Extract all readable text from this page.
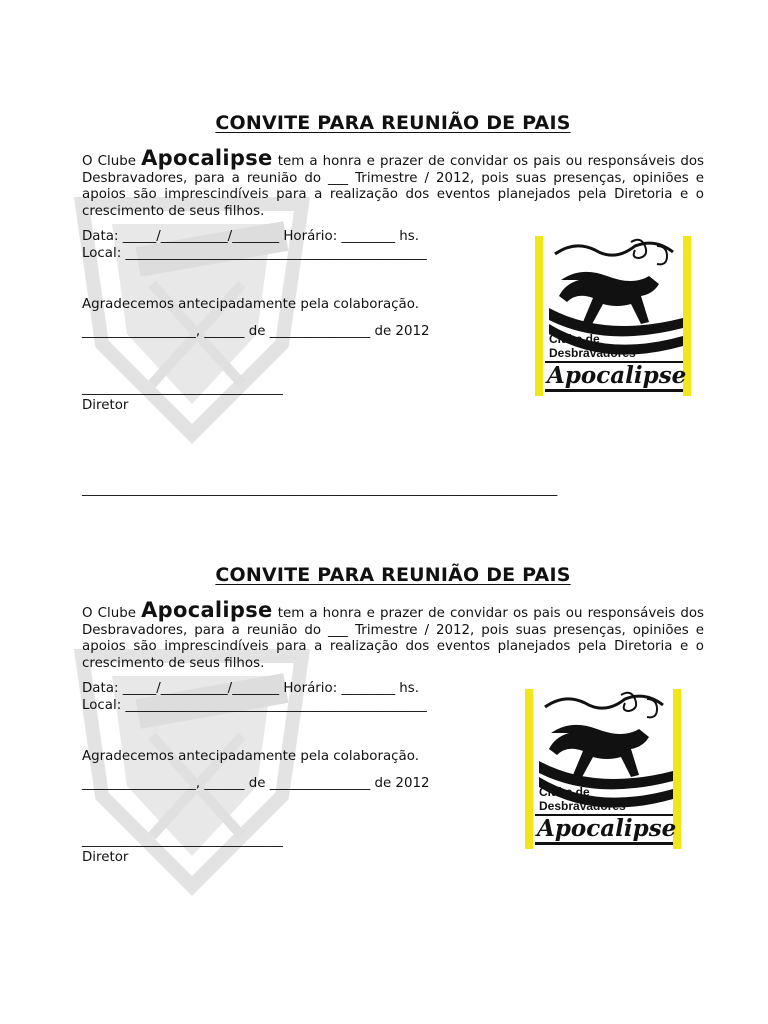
CONVITE PARA REUNIÃO DE PAIS

O Clube Apocalipse tem a honra e prazer de convidar os pais ou responsáveis dos Desbravadores, para a reunião do ___ Trimestre / 2012, pois suas presenças, opiniões e apoios são imprescindíveis para a realização dos eventos planejados pela Diretoria e o crescimento de seus filhos.

Data: _____/__________/_______ Horário: ________ hs.

Local: _____________________________________________

Agradecemos antecipadamente pela colaboração.

_________________, ______ de _______________ de 2012

______________________________

Diretor

Clube de
Desbravadores
Apocalipse

_______________________________________________________________________

CONVITE PARA REUNIÃO DE PAIS

O Clube Apocalipse tem a honra e prazer de convidar os pais ou responsáveis dos Desbravadores, para a reunião do ___ Trimestre / 2012, pois suas presenças, opiniões e apoios são imprescindíveis para a realização dos eventos planejados pela Diretoria e o crescimento de seus filhos.

Data: _____/__________/_______ Horário: ________ hs.

Local: _____________________________________________

Agradecemos antecipadamente pela colaboração.

_________________, ______ de _______________ de 2012

______________________________

Diretor

Clube de
Desbravadores
Apocalipse
